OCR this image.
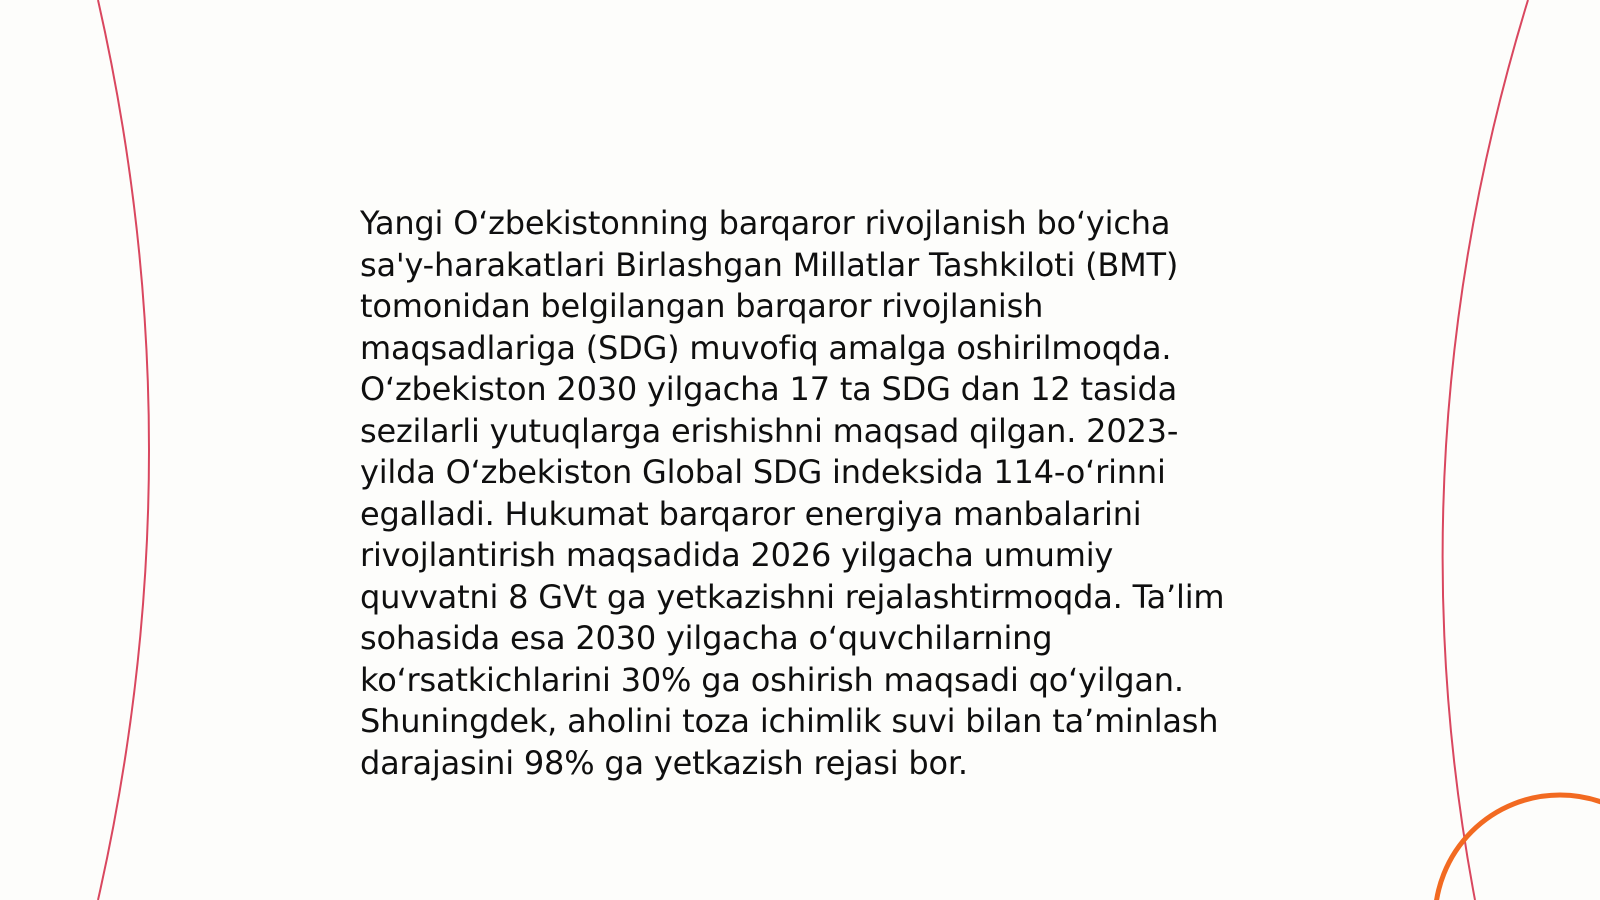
Yangi O‘zbekistonning barqaror rivojlanish bo‘yicha
sa'y-harakatlari Birlashgan Millatlar Tashkiloti (BMT)
tomonidan belgilangan barqaror rivojlanish
maqsadlariga (SDG) muvofiq amalga oshirilmoqda.
O‘zbekiston 2030 yilgacha 17 ta SDG dan 12 tasida
sezilarli yutuqlarga erishishni maqsad qilgan. 2023-
yilda O‘zbekiston Global SDG indeksida 114-o‘rinni
egalladi. Hukumat barqaror energiya manbalarini
rivojlantirish maqsadida 2026 yilgacha umumiy
quvvatni 8 GVt ga yetkazishni rejalashtirmoqda. Ta’lim
sohasida esa 2030 yilgacha o‘quvchilarning
ko‘rsatkichlarini 30% ga oshirish maqsadi qo‘yilgan.
Shuningdek, aholini toza ichimlik suvi bilan ta’minlash
darajasini 98% ga yetkazish rejasi bor.
